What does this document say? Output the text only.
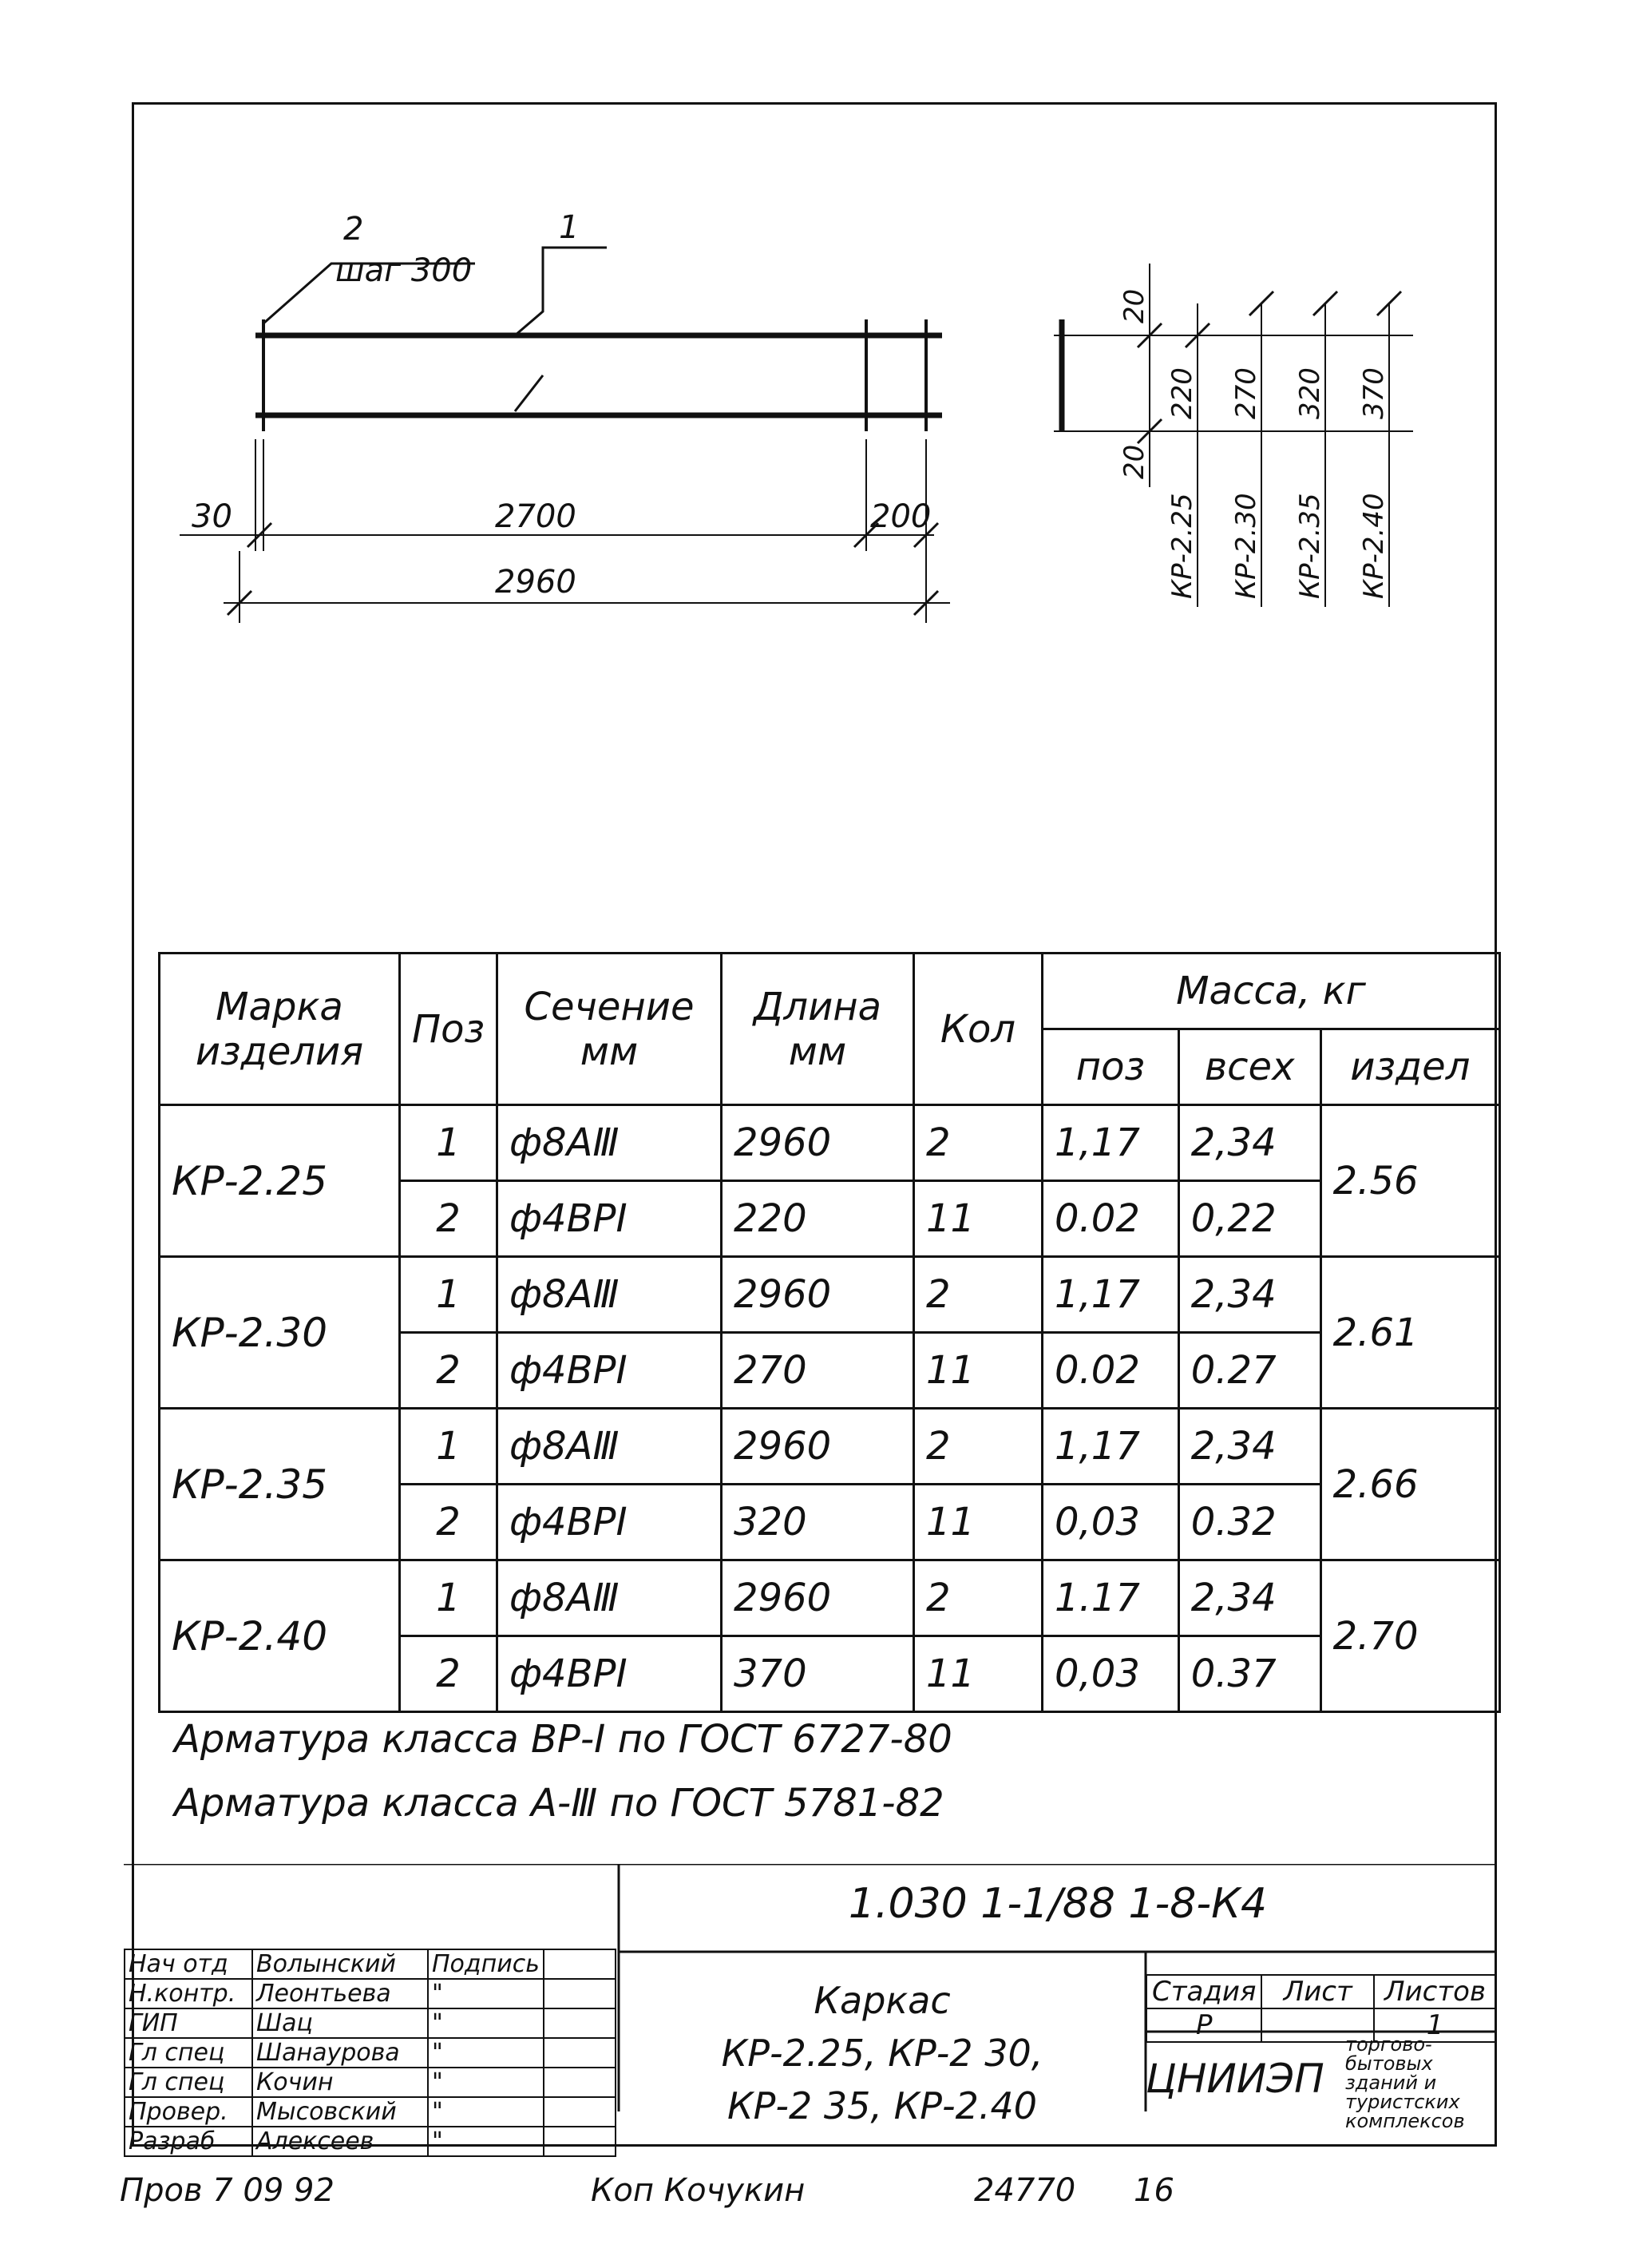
2
шаг 300
1
30	2700	200
2960
20
20
220 270 320 370
КР-2.25 КР-2.30 КР-2.35 КР-2.40
Марка изделия	Поз	Сечение мм	Длина мм	Кол	Масса, кг		
					поз	всех	издел
КР-2.25	1	ф8АⅢ	2960	2	1,17	2,34	2.56
	2	ф4ВРⅠ	220	11	0.02	0,22	
КР-2.30	1	ф8АⅢ	2960	2	1,17	2,34	2.61
	2	ф4ВРⅠ	270	11	0.02	0.27	
КР-2.35	1	ф8АⅢ	2960	2	1,17	2,34	2.66
	2	ф4ВРⅠ	320	11	0,03	0.32	
КР-2.40	1	ф8АⅢ	2960	2	1.17	2,34	2.70
	2	ф4ВРⅠ	370	11	0,03	0.37	
Арматура класса ВР-Ⅰ по ГОСТ 6727-80
Арматура класса А-Ⅲ по ГОСТ 5781-82
Нач отд	Волынский	Подпись	
Н.контр.	Леонтьева	"	
ГИП	Шац	"	
Гл спец	Шанаурова	"	
Гл спец	Кочин	"	
Провер.	Мысовский	"	
Разраб	Алексеев	"	
1.030 1-1/88 1-8-К4
Каркас
КР-2.25, КР-2 30,
КР-2 35, КР-2.40
Стадия	Лист	Листов
Р		1
ЦНИИЭП
торгово-
бытовых
зданий и
туристских
комплексов
Пров 7 09 92	Коп Кочукин	24770 16
